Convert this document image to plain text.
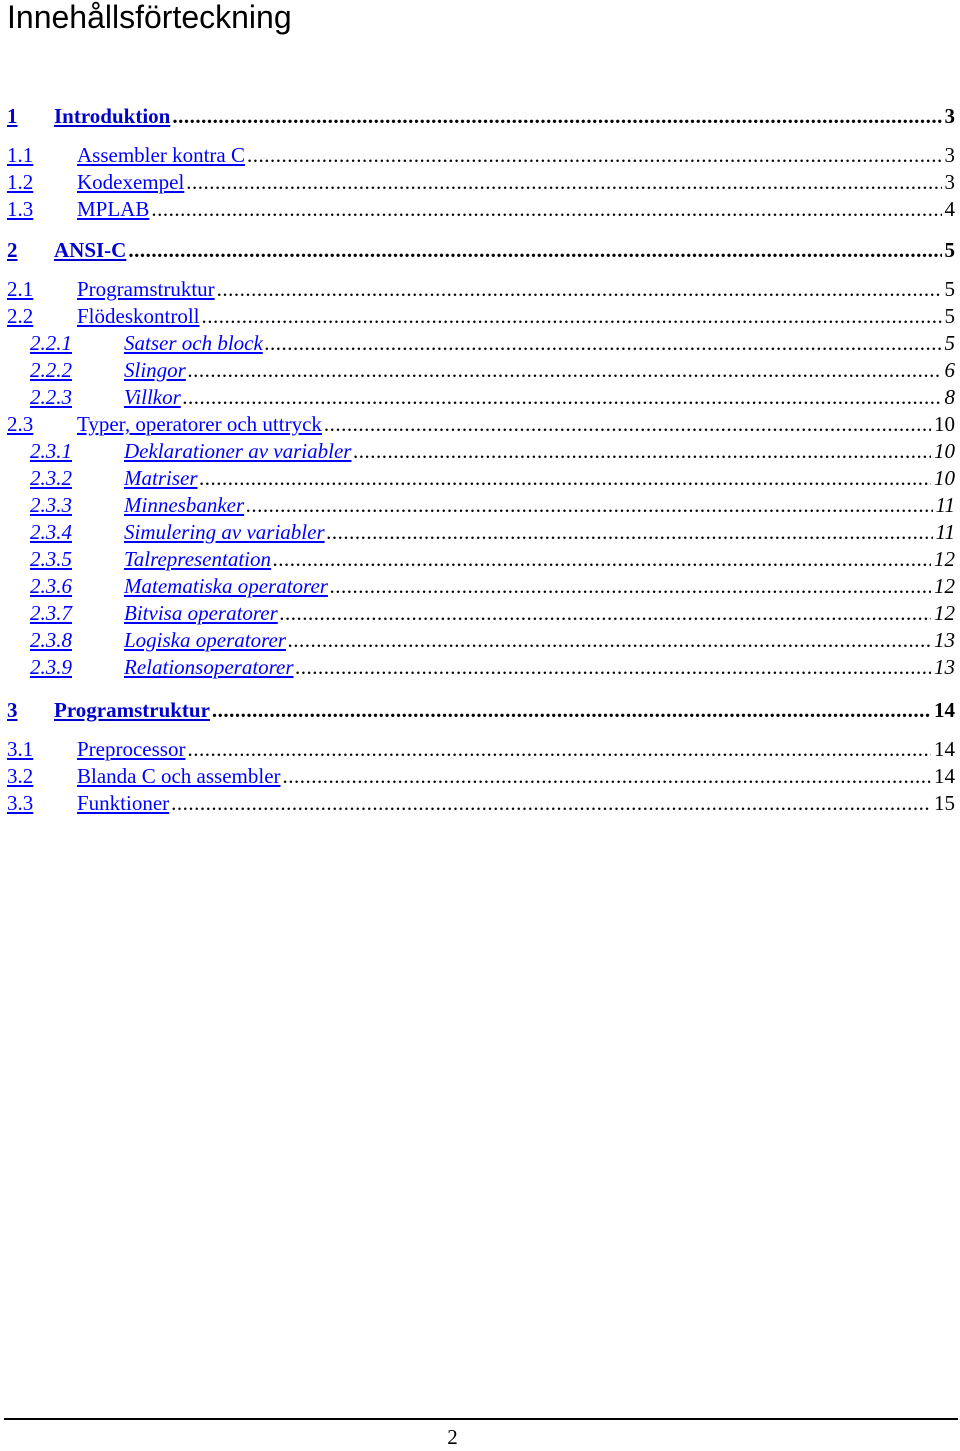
Innehållsförteckning
1 Introduktion .....	3
1.1 Assembler kontra C .....	3
1.2 Kodexempel .....	3
1.3 MPLAB .....	4
2 ANSI-C .....	5
2.1 Programstruktur .....	5
2.2 Flödeskontroll .....	5
2.2.1 Satser och block .....	5
2.2.2 Slingor .....	6
2.2.3 Villkor .....	8
2.3 Typer, operatorer och uttryck .....	10
2.3.1 Deklarationer av variabler .....	10
2.3.2 Matriser .....	10
2.3.3 Minnesbanker .....	11
2.3.4 Simulering av variabler .....	11
2.3.5 Talrepresentation .....	12
2.3.6 Matematiska operatorer .....	12
2.3.7 Bitvisa operatorer .....	12
2.3.8 Logiska operatorer .....	13
2.3.9 Relationsoperatorer .....	13
3 Programstruktur .....	14
3.1 Preprocessor .....	14
3.2 Blanda C och assembler .....	14
3.3 Funktioner .....	15
2
